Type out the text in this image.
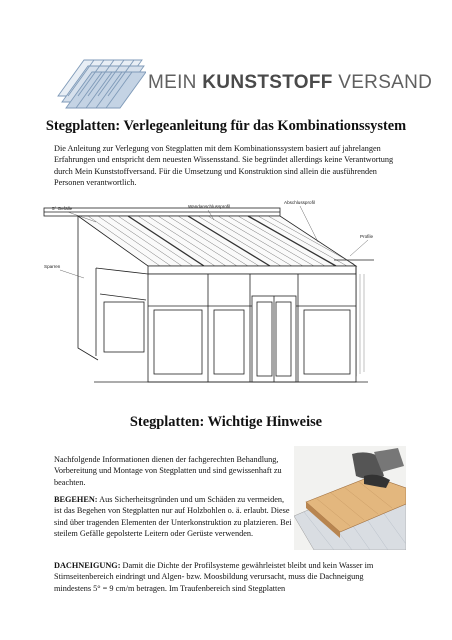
MEIN KUNSTSTOFF VERSAND
Stegplatten: Verlegeanleitung für das Kombinationssystem

Die Anleitung zur Verlegung von Stegplatten mit dem Kombinationssystem basiert auf jahrelangen Erfahrungen und entspricht dem neuesten Wissensstand. Sie begründet allerdings keine Verantwortung durch Mein Kunststoffversand. Für die Umsetzung und Konstruktion sind allein die ausführenden Personen verantwortlich.

5° Gefälle	Wandanschlussprofil
Abschlussprofil
Profile
Sparren
Stegplatten: Wichtige Hinweise

Nachfolgende Informationen dienen der fachgerechten Behandlung, Vorbereitung und Montage von Stegplatten und sind gewissenhaft zu beachten.

BEGEHEN: Aus Sicherheitsgründen und um Schäden zu vermeiden, ist das Begehen von Stegplatten nur auf Holzbohlen o. ä. erlaubt. Diese sind über tragenden Elementen der Unterkonstruktion zu platzieren. Bei steilem Gefälle gepolsterte Leitern oder Gerüste verwenden.

DACHNEIGUNG: Damit die Dichte der Profilsysteme gewährleistet bleibt und kein Wasser im Stirnseitenbereich eindringt und Algen- bzw. Moosbildung verursacht, muss die Dachneigung mindestens 5° = 9 cm/m betragen. Im Traufenbereich sind Stegplatten
